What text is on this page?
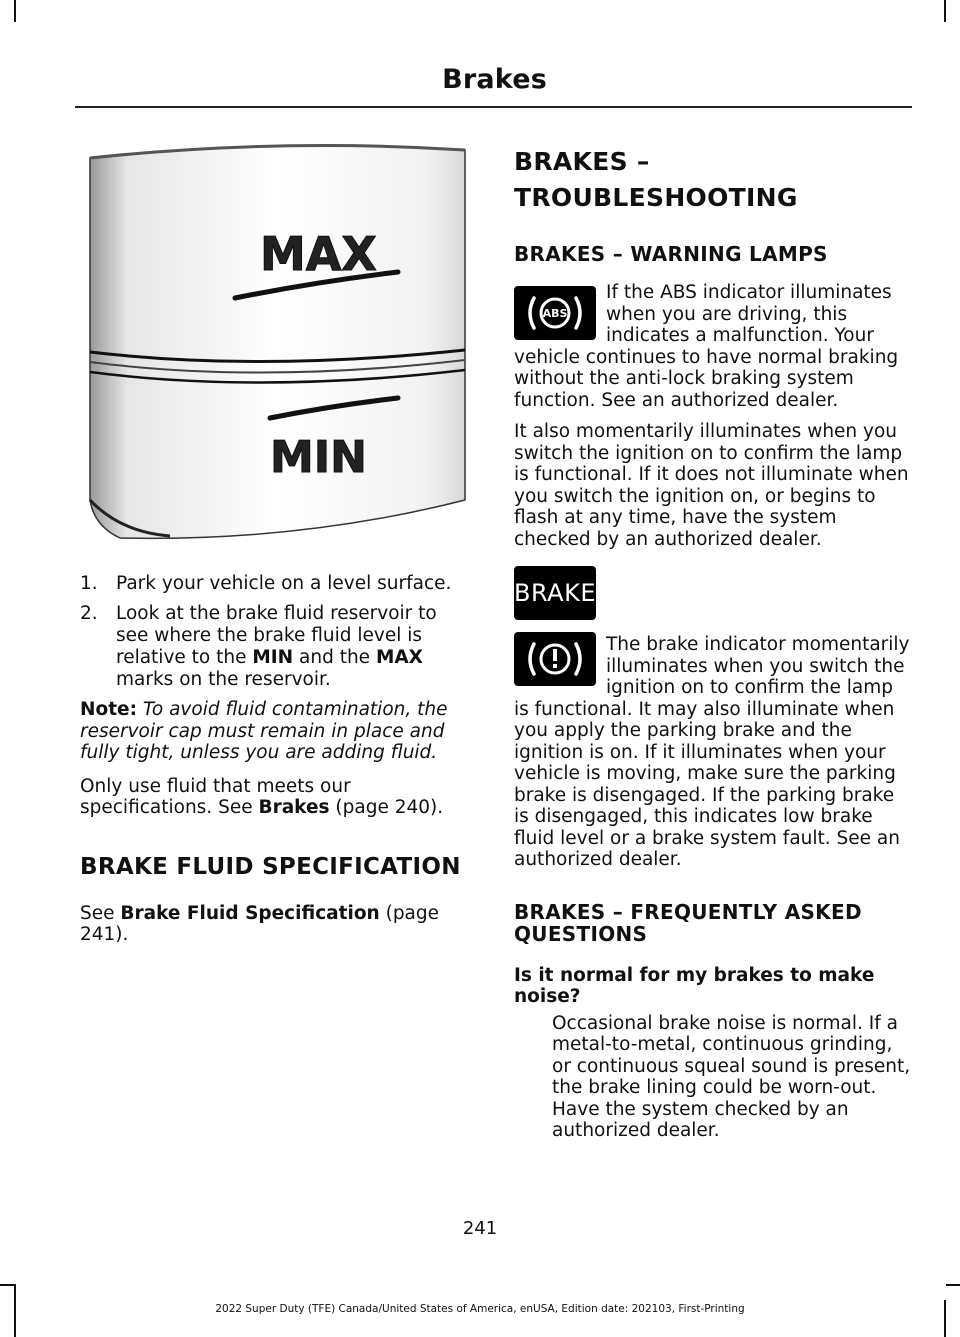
Brakes
MAX
MIN
1. Park your vehicle on a level surface.
2. Look at the brake fluid reservoir to see where the brake fluid level is relative to the MIN and the MAX marks on the reservoir.

Note: To avoid fluid contamination, the reservoir cap must remain in place and fully tight, unless you are adding fluid.

Only use fluid that meets our specifications. See Brakes (page 240).

BRAKE FLUID SPECIFICATION

See Brake Fluid Specification (page 241).

BRAKES –
TROUBLESHOOTING
BRAKES – WARNING LAMPS
ABS

If the ABS indicator illuminates when you are driving, this indicates a malfunction. Your vehicle continues to have normal braking without the anti-lock braking system function. See an authorized dealer.

It also momentarily illuminates when you switch the ignition on to confirm the lamp is functional. If it does not illuminate when you switch the ignition on, or begins to flash at any time, have the system checked by an authorized dealer.

BRAKE

The brake indicator momentarily illuminates when you switch the ignition on to confirm the lamp is functional. It may also illuminate when you apply the parking brake and the ignition is on. If it illuminates when your vehicle is moving, make sure the parking brake is disengaged. If the parking brake is disengaged, this indicates low brake fluid level or a brake system fault. See an authorized dealer.

BRAKES – FREQUENTLY ASKED QUESTIONS
Is it normal for my brakes to make noise?

Occasional brake noise is normal. If a metal-to-metal, continuous grinding, or continuous squeal sound is present, the brake lining could be worn-out. Have the system checked by an authorized dealer.

241
2022 Super Duty (TFE) Canada/United States of America, enUSA, Edition date: 202103, First-Printing
